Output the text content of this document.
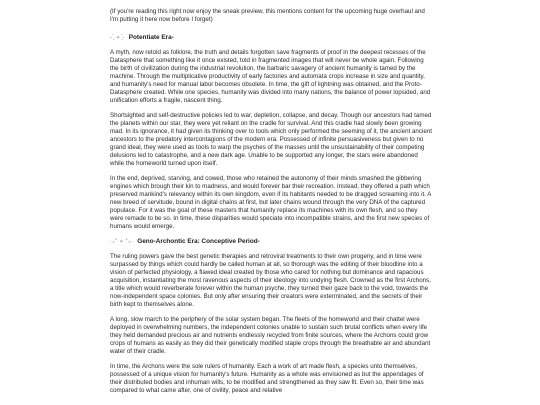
(If you're reading this right now enjoy the sneak preview, this mentions content for the upcoming huge overhaul and I'm putting it here now before I forget)

- ̗̀ ✧ ̖́- Potentiate Era-

A myth, now retold as folklore, the truth and details forgotten save fragments of proof in the deepest recesses of the Datasphere that something like it once existed, told in fragmented images that will never be whole again. Following the birth of civilization during the industrial revolution, the barbaric savagery of ancient humanity is tamed by the machine. Through the multiplicative productivity of early factories and automata crops increase in size and quantity, and humanity's need for manual labor becomes obsolete. In time, the gift of lightning was obtained, and the Proto-Datasphere created. While one species, humanity was divided into many nations, the balance of power lopsided, and unification efforts a fragile, nascent thing.

Shortsighted and self-destructive policies led to war, depletion, collapse, and decay. Though our ancestors had tamed the planets within our star, they were yet reliant on the cradle for survival. And this cradle had slowly been growing mad. In its ignorance, it had given its thinking over to tools which only performed the seeming of it, the ancient ancient ancestors to the predatory intercontagions of the modern era. Possessed of infinite persuasiveness but given to no grand ideal, they were used as tools to warp the psyches of the masses until the unsustainability of their competing delusions led to catastrophe, and a new dark age. Unable to be supported any longer, the stars were abandoned while the homeworld turned upon itself.

In the end, deprived, starving, and cowed, those who retained the autonomy of their minds smashed the gibbering engines which brough their kin to madness, and would forever bar their recreation. Instead, they offered a path which preserved mankind's relevancy within its own kingdom, even if its habitants needed to be dragged screaming into it. A new breed of servitude, bound in digital chains at first, but later chains wound through the very DNA of the captured populace. For it was the goal of these masters that humanity replace its machines with its own flesh, and so they were remade to be so. In time, these disparities would speciate into incompatible strains, and the first new species of humans would emerge.

‧₊˚ ✧ ˚₊‧ Geno-Archontic Era: Conceptive Period-

The ruling powers gave the best genetic therapies and retroviral treatments to their own progeny, and in time were surpassed by things which could hardly be called human at all, so thorough was the editing of their bloodline into a vision of perfected physiology, a flawed ideal created by those who cared for nothing but dominance and rapacious acquisition, instantiating the most ravenous aspects of their ideology into undying flesh. Crowned as the first Archons, a title which would reverberate forever within the human psyche, they turned their gaze back to the void, towards the now-independent space colonies. But only after ensuring their creators were exterminated, and the secrets of their birth kept to themselves alone.

A long, slow march to the periphery of the solar system began. The fleets of the homeworld and their chattel were deployed in overwhelming numbers, the independent colonies unable to sustain such brutal conflicts when every life they held demanded precious air and nutrients endlessly recycled from finite sources, where the Archons could grow crops of humans as easily as they did their genetically modified staple crops through the breathable air and abundant water of their cradle.

In time, the Archons were the sole rulers of humanity. Each a work of art made flesh, a species unto themselves, possessed of a unique vision for humanity's future. Humanity as a whole was envisioned as but the appendages of their distributed bodies and inhuman wills, to be modified and strengthened as they saw fit. Even so, their time was compared to what came after, one of civility, peace and relative
